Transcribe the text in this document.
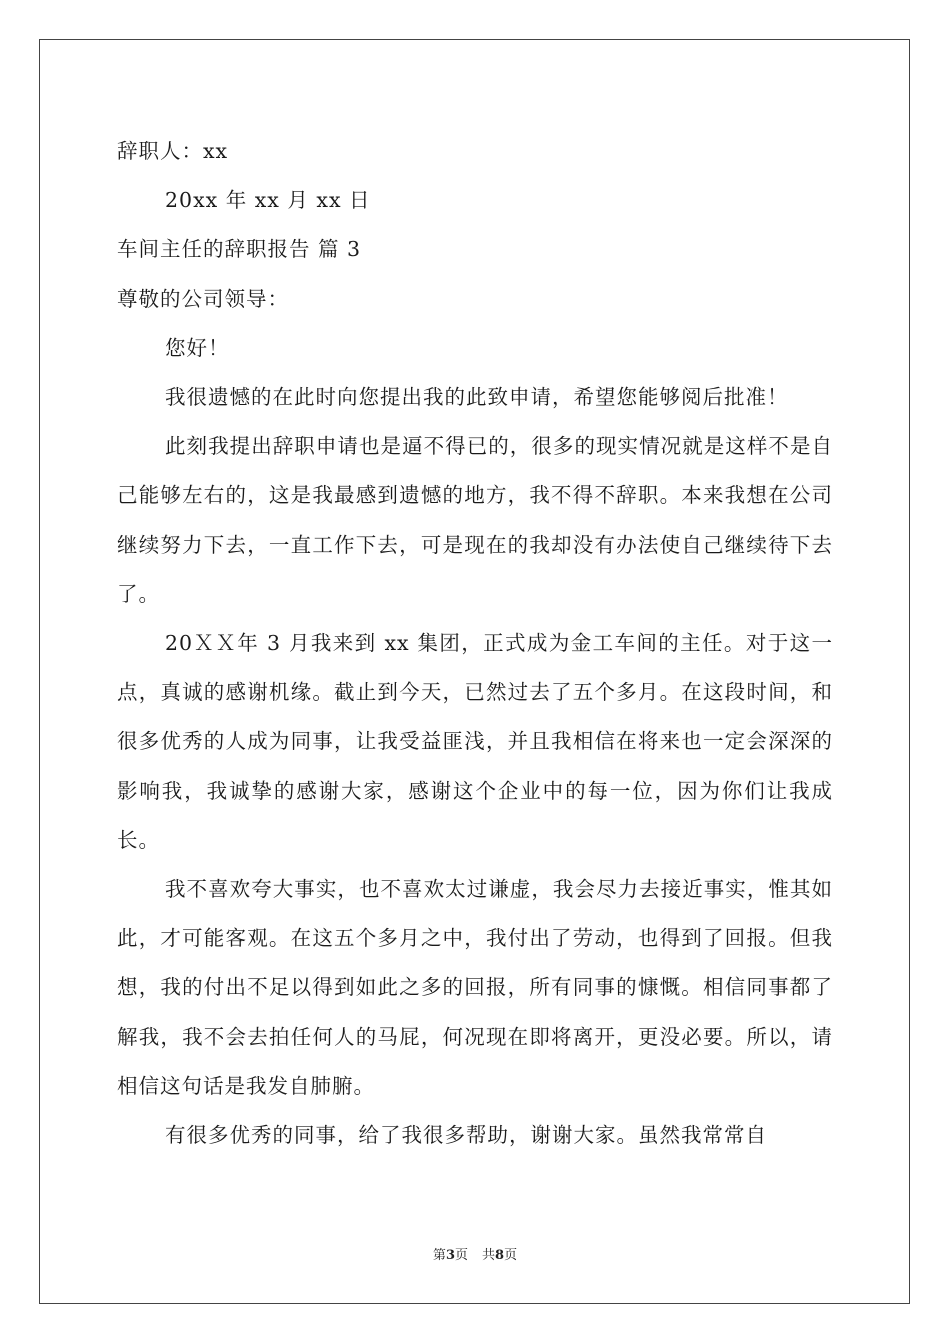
辞职人：xx

20xx 年 xx 月 xx 日

车间主任的辞职报告 篇 3

尊敬的公司领导：

您好！

我很遗憾的在此时向您提出我的此致申请，希望您能够阅后批准！

此刻我提出辞职申请也是逼不得已的，很多的现实情况就是这样不是自己能够左右的，这是我最感到遗憾的地方，我不得不辞职。本来我想在公司继续努力下去，一直工作下去，可是现在的我却没有办法使自己继续待下去了。

20ＸＸ年 3 月我来到 xx 集团，正式成为金工车间的主任。对于这一点，真诚的感谢机缘。截止到今天，已然过去了五个多月。在这段时间，和很多优秀的人成为同事，让我受益匪浅，并且我相信在将来也一定会深深的影响我，我诚挚的感谢大家，感谢这个企业中的每一位，因为你们让我成长。

我不喜欢夸大事实，也不喜欢太过谦虚，我会尽力去接近事实，惟其如此，才可能客观。在这五个多月之中，我付出了劳动，也得到了回报。但我想，我的付出不足以得到如此之多的回报，所有同事的慷慨。相信同事都了解我，我不会去拍任何人的马屁，何况现在即将离开，更没必要。所以，请相信这句话是我发自肺腑。

有很多优秀的同事，给了我很多帮助，谢谢大家。虽然我常常自

第3页 共8页
